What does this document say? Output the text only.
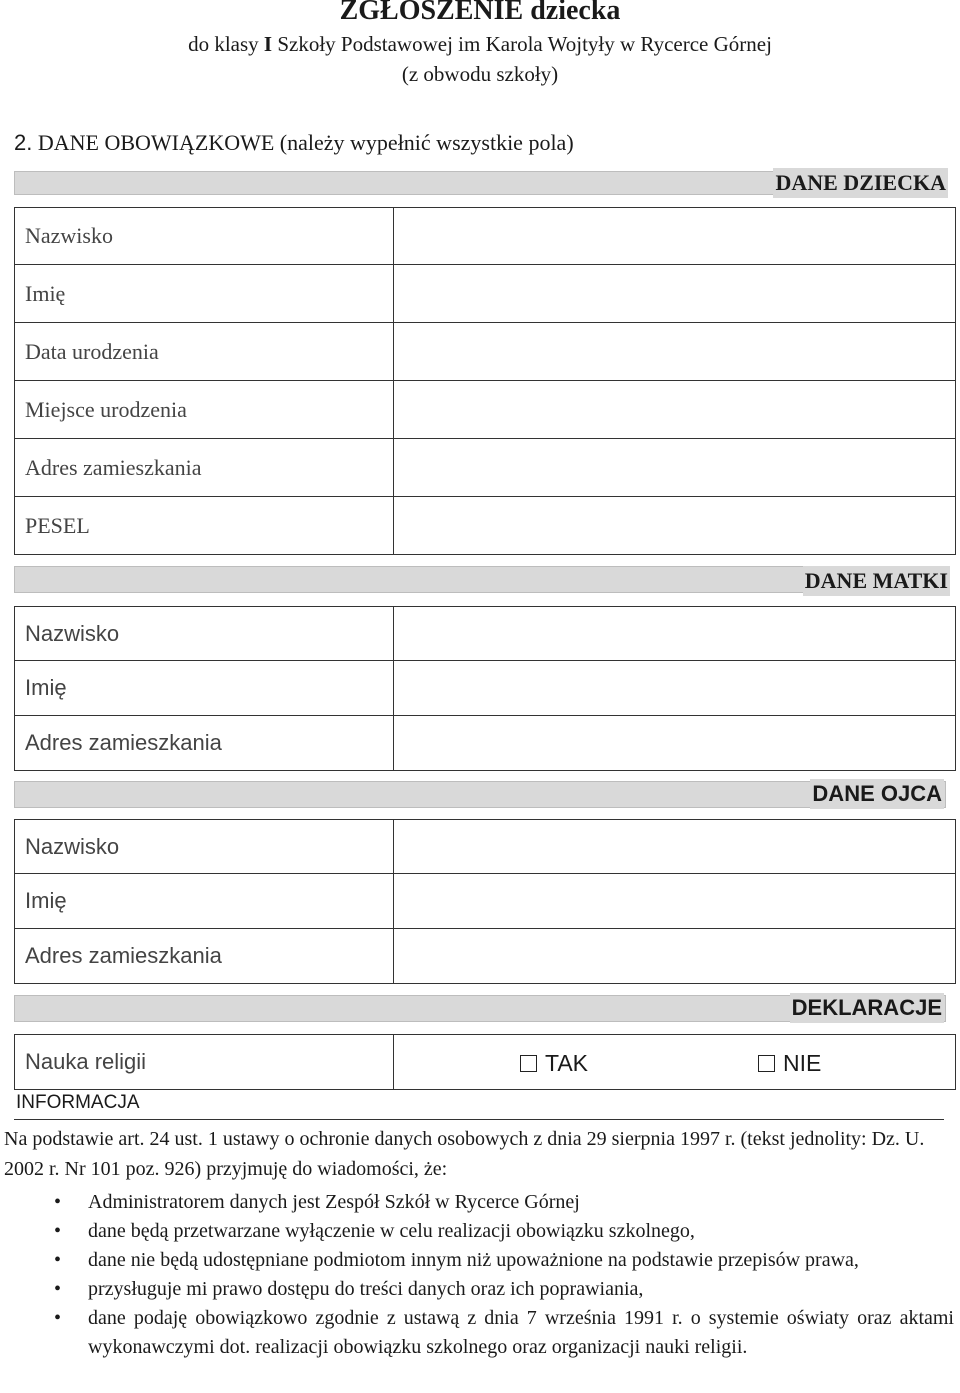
ZGŁOSZENIE dziecka
do klasy I Szkoły Podstawowej im Karola Wojtyły w Rycerce Górnej
(z obwodu szkoły)
2. DANE OBOWIĄZKOWE (należy wypełnić wszystkie pola)
DANE DZIECKA
Nazwisko
Imię
Data urodzenia
Miejsce urodzenia
Adres zamieszkania
PESEL
DANE MATKI
Nazwisko
Imię
Adres zamieszkania
DANE OJCA
Nazwisko
Imię
Adres zamieszkania
DEKLARACJE
Nauka religii	TAK	NIE
INFORMACJA
Na podstawie art. 24 ust. 1 ustawy o ochronie danych osobowych z dnia 29 sierpnia 1997 r. (tekst jednolity: Dz. U. 2002 r. Nr 101 poz. 926) przyjmuję do wiadomości, że:
• Administratorem danych jest Zespół Szkół w Rycerce Górnej
• dane będą przetwarzane wyłączenie w celu realizacji obowiązku szkolnego,
• dane nie będą udostępniane podmiotom innym niż upoważnione na podstawie przepisów prawa,
• przysługuje mi prawo dostępu do treści danych oraz ich poprawiania,
• dane podaję obowiązkowo zgodnie z ustawą z dnia 7 września 1991 r. o systemie oświaty oraz aktami wykonawczymi dot. realizacji obowiązku szkolnego oraz organizacji nauki religii.
